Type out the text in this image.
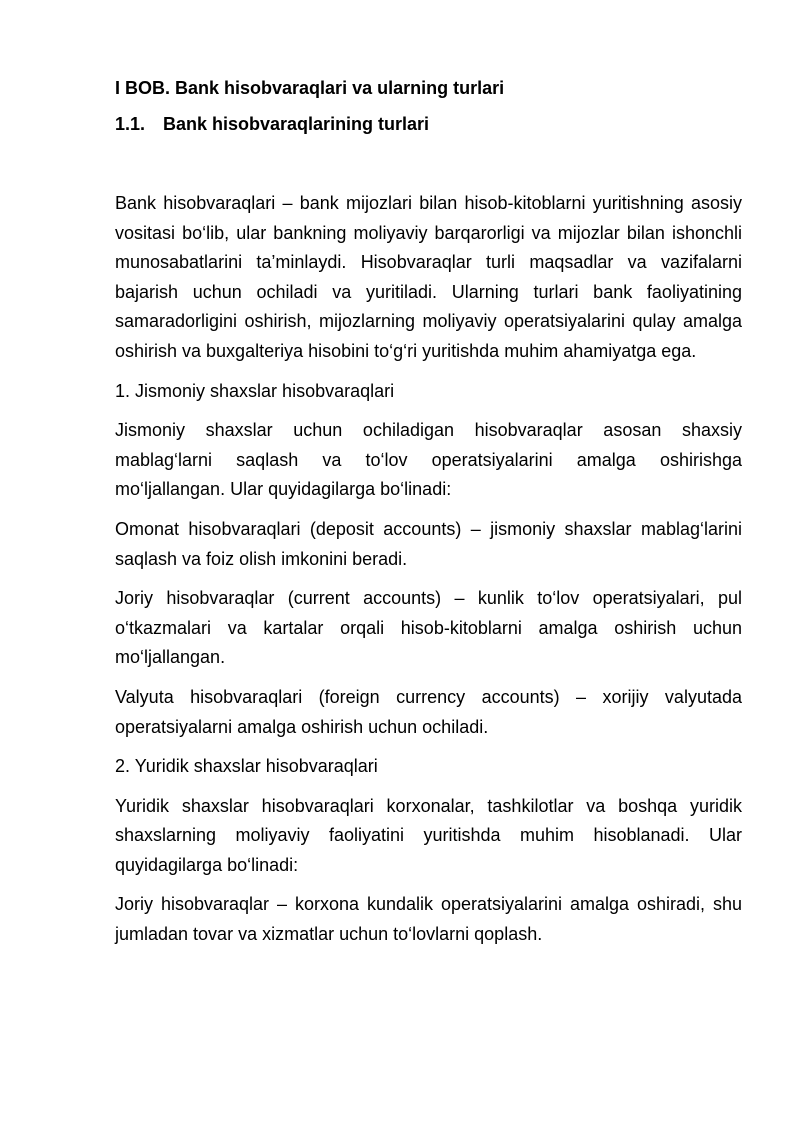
I BOB. Bank hisobvaraqlari va ularning turlari
1.1. Bank hisobvaraqlarining turlari

Bank hisobvaraqlari – bank mijozlari bilan hisob-kitoblarni yuritishning asosiy vositasi bo‘lib, ular bankning moliyaviy barqarorligi va mijozlar bilan ishonchli munosabatlarini ta’minlaydi. Hisobvaraqlar turli maqsadlar va vazifalarni bajarish uchun ochiladi va yuritiladi. Ularning turlari bank faoliyatining samaradorligini oshirish, mijozlarning moliyaviy operatsiyalarini qulay amalga oshirish va buxgalteriya hisobini to‘g‘ri yuritishda muhim ahamiyatga ega.

1. Jismoniy shaxslar hisobvaraqlari

Jismoniy shaxslar uchun ochiladigan hisobvaraqlar asosan shaxsiy mablag‘larni saqlash va to‘lov operatsiyalarini amalga oshirishga mo‘ljallangan. Ular quyidagilarga bo‘linadi:

Omonat hisobvaraqlari (deposit accounts) – jismoniy shaxslar mablag‘larini saqlash va foiz olish imkonini beradi.

Joriy hisobvaraqlar (current accounts) – kunlik to‘lov operatsiyalari, pul o‘tkazmalari va kartalar orqali hisob-kitoblarni amalga oshirish uchun mo‘ljallangan.

Valyuta hisobvaraqlari (foreign currency accounts) – xorijiy valyutada operatsiyalarni amalga oshirish uchun ochiladi.

2. Yuridik shaxslar hisobvaraqlari

Yuridik shaxslar hisobvaraqlari korxonalar, tashkilotlar va boshqa yuridik shaxslarning moliyaviy faoliyatini yuritishda muhim hisoblanadi. Ular quyidagilarga bo‘linadi:

Joriy hisobvaraqlar – korxona kundalik operatsiyalarini amalga oshiradi, shu jumladan tovar va xizmatlar uchun to‘lovlarni qoplash.
